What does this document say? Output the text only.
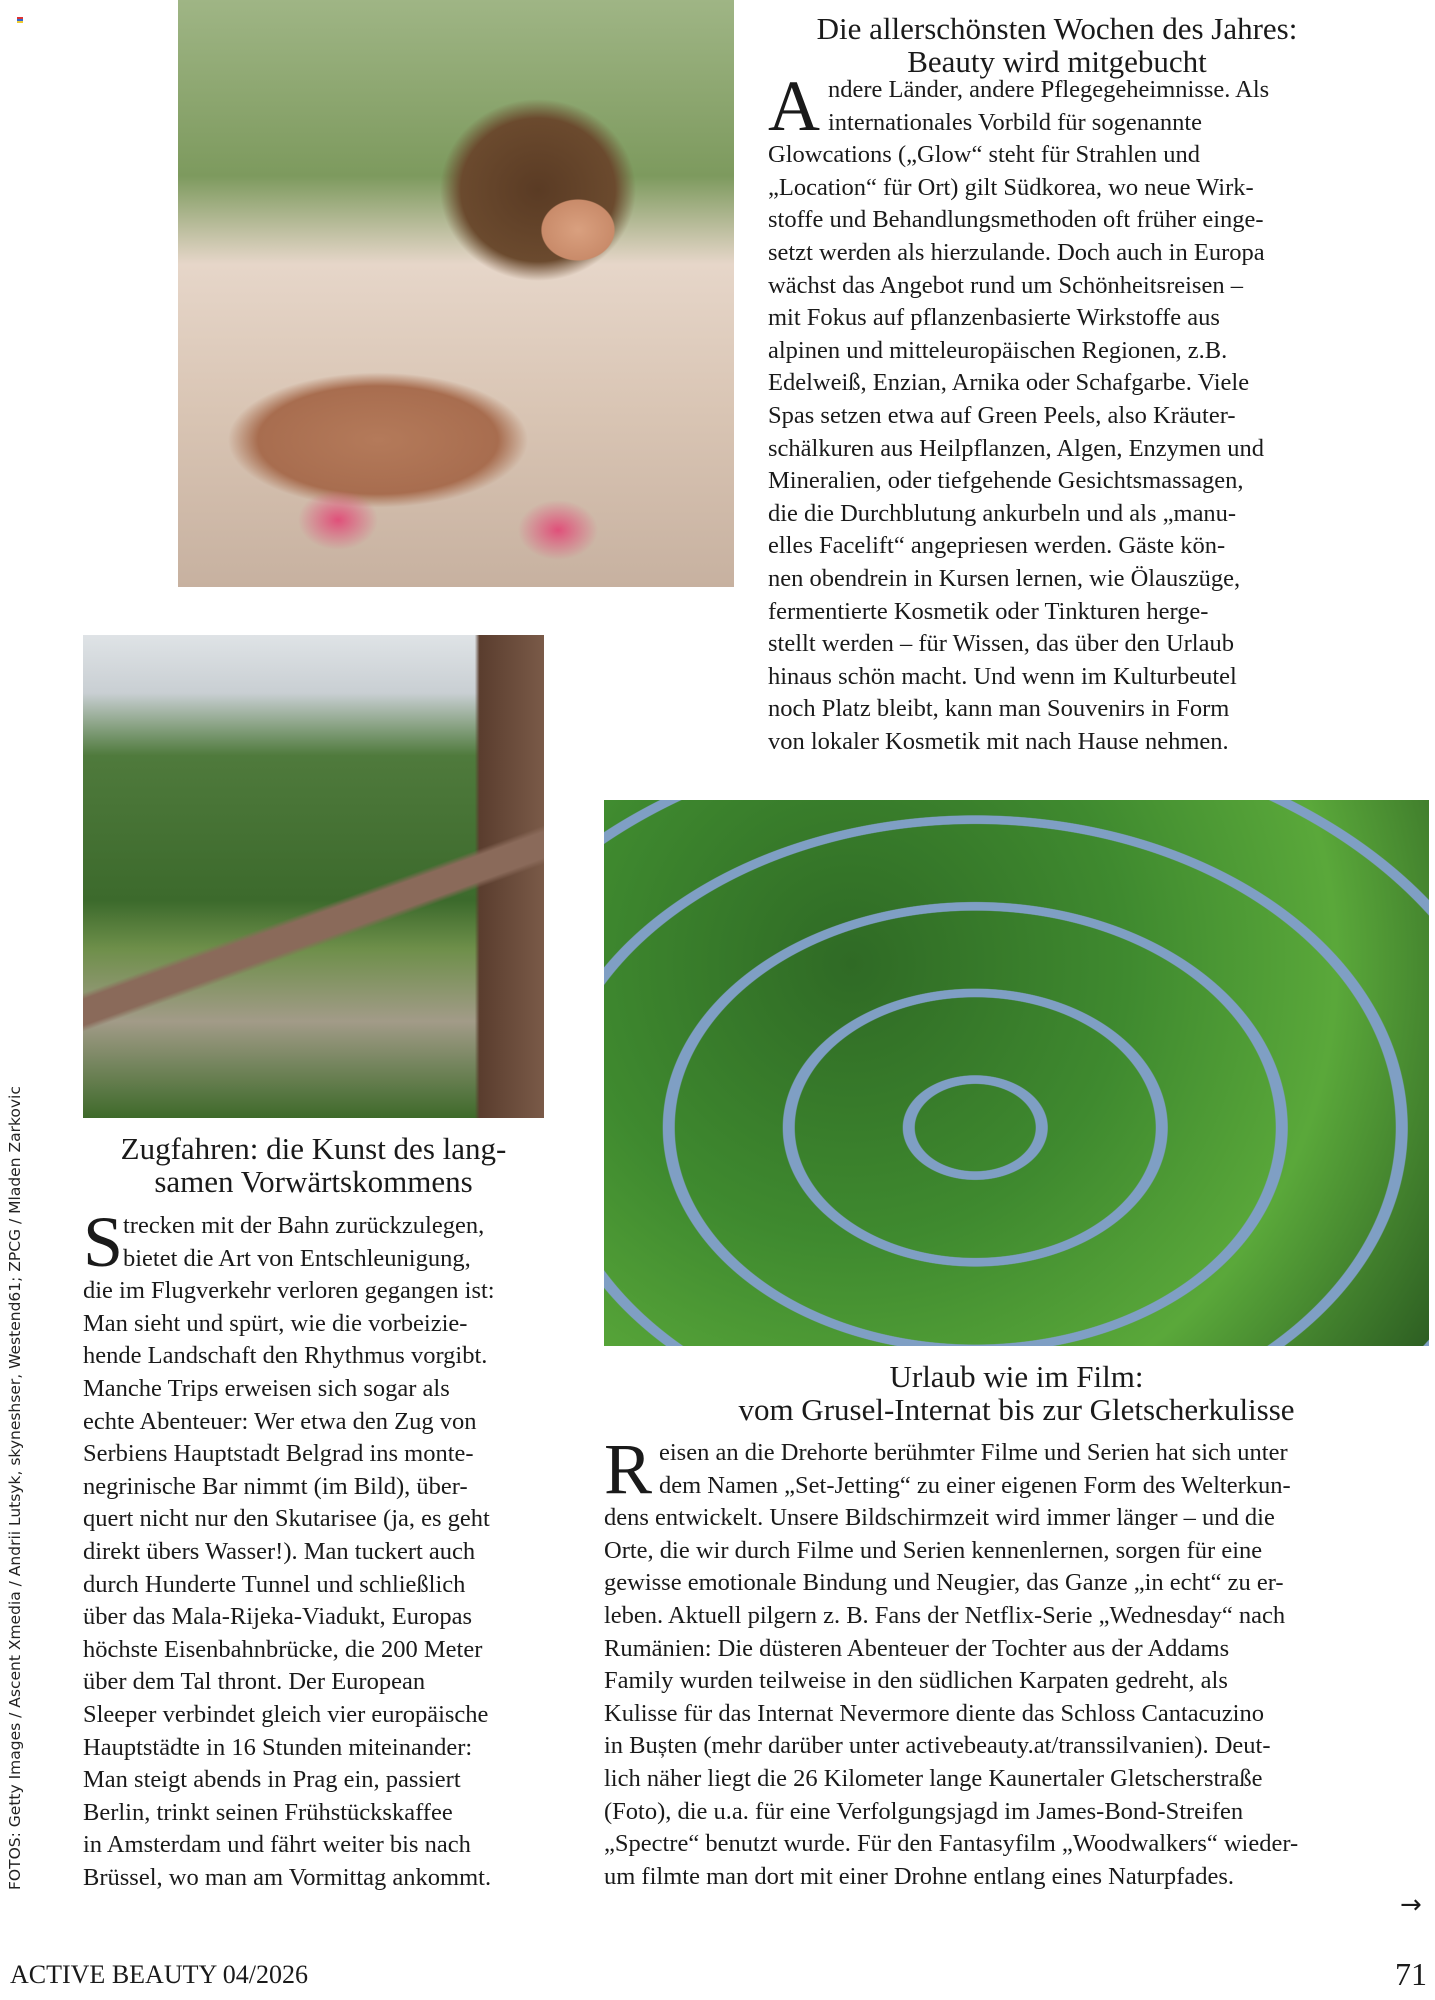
Die allerschönsten Wochen des Jahres:
Beauty wird mitgebucht
A ndere Länder, andere Pflegegeheimnisse. Als
internationales Vorbild für sogenannte
Glowcations („Glow“ steht für Strahlen und
„Location“ für Ort) gilt Südkorea, wo neue Wirk-
stoffe und Behandlungsmethoden oft früher einge-
setzt werden als hierzulande. Doch auch in Europa
wächst das Angebot rund um Schönheitsreisen –
mit Fokus auf pflanzenbasierte Wirkstoffe aus
alpinen und mitteleuropäischen Regionen, z.B.
Edelweiß, Enzian, Arnika oder Schafgarbe. Viele
Spas setzen etwa auf Green Peels, also Kräuter-
schälkuren aus Heilpflanzen, Algen, Enzymen und
Mineralien, oder tiefgehende Gesichtsmassagen,
die die Durchblutung ankurbeln und als „manu-
elles Facelift“ angepriesen werden. Gäste kön-
nen obendrein in Kursen lernen, wie Ölauszüge,
fermentierte Kosmetik oder Tinkturen herge-
stellt werden – für Wissen, das über den Urlaub
hinaus schön macht. Und wenn im Kulturbeutel
noch Platz bleibt, kann man Souvenirs in Form
von lokaler Kosmetik mit nach Hause nehmen.
Zugfahren: die Kunst des lang-
samen Vorwärtskommens
S trecken mit der Bahn zurückzulegen,
bietet die Art von Entschleunigung,
die im Flugverkehr verloren gegangen ist:
Man sieht und spürt, wie die vorbeizie-
hende Landschaft den Rhythmus vorgibt.
Manche Trips erweisen sich sogar als
echte Abenteuer: Wer etwa den Zug von
Serbiens Hauptstadt Belgrad ins monte-
negrinische Bar nimmt (im Bild), über-
quert nicht nur den Skutarisee (ja, es geht
direkt übers Wasser!). Man tuckert auch
durch Hunderte Tunnel und schließlich
über das Mala-Rijeka-Viadukt, Europas
höchste Eisenbahnbrücke, die 200 Meter
über dem Tal thront. Der European
Sleeper verbindet gleich vier europäische
Hauptstädte in 16 Stunden miteinander:
Man steigt abends in Prag ein, passiert
Berlin, trinkt seinen Frühstückskaffee
in Amsterdam und fährt weiter bis nach
Brüssel, wo man am Vormittag ankommt.
Urlaub wie im Film:
vom Grusel-Internat bis zur Gletscherkulisse
R eisen an die Drehorte berühmter Filme und Serien hat sich unter
dem Namen „Set-Jetting“ zu einer eigenen Form des Welterkun-
dens entwickelt. Unsere Bildschirmzeit wird immer länger – und die
Orte, die wir durch Filme und Serien kennenlernen, sorgen für eine
gewisse emotionale Bindung und Neugier, das Ganze „in echt“ zu er-
leben. Aktuell pilgern z. B. Fans der Netflix-Serie „Wednesday“ nach
Rumänien: Die düsteren Abenteuer der Tochter aus der Addams
Family wurden teilweise in den südlichen Karpaten gedreht, als
Kulisse für das Internat Nevermore diente das Schloss Cantacuzino
in Bușten (mehr darüber unter activebeauty.at/transsilvanien). Deut-
lich näher liegt die 26 Kilometer lange Kaunertaler Gletscherstraße
(Foto), die u.a. für eine Verfolgungsjagd im James-Bond-Streifen
„Spectre“ benutzt wurde. Für den Fantasyfilm „Woodwalkers“ wieder-
um filmte man dort mit einer Drohne entlang eines Naturpfades.
FOTOS: Getty Images / Ascent Xmedia / Andrii Lutsyk, skyneshser, Westend61; ZPCG / Mladen Zarkovic
→
ACTIVE BEAUTY 04/2026	71
